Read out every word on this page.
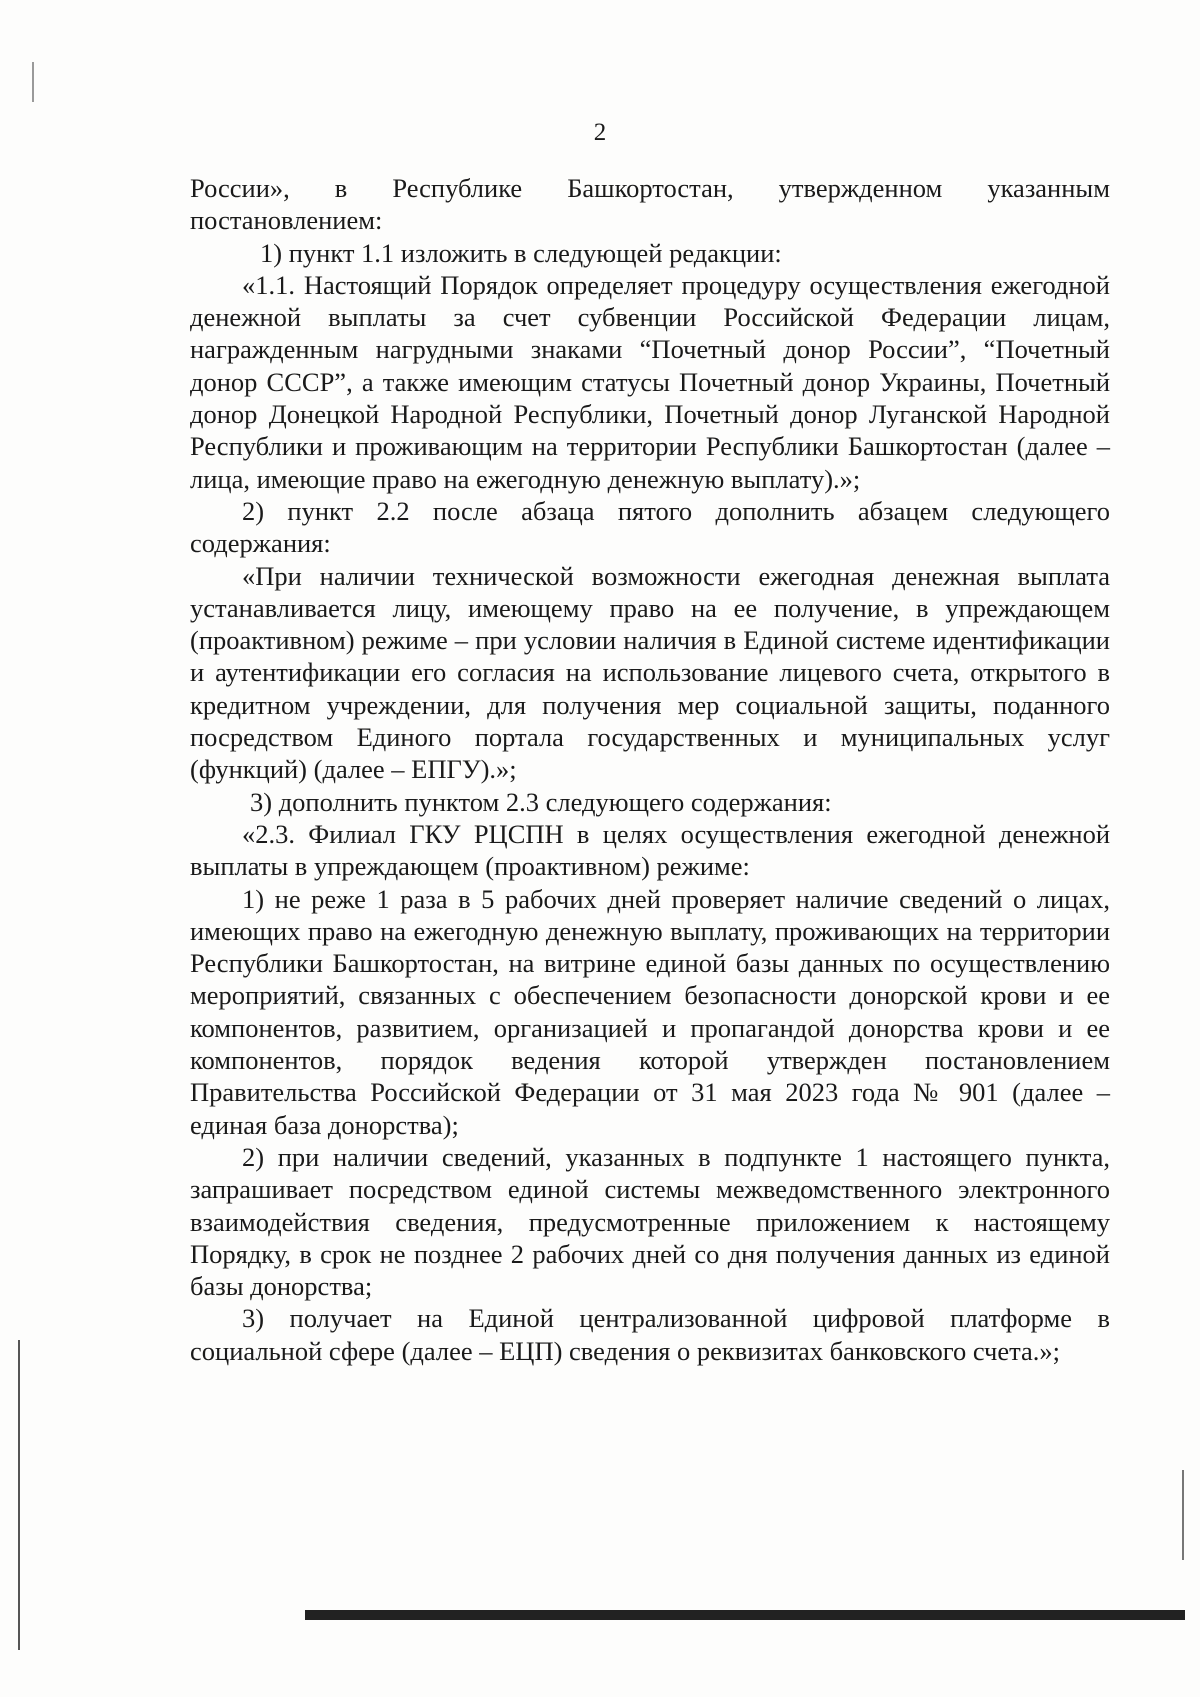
2

России», в Республике Башкортостан, утвержденном указанным постановлением:

1) пункт 1.1 изложить в следующей редакции:

«1.1. Настоящий Порядок определяет процедуру осуществления ежегодной денежной выплаты за счет субвенции Российской Федерации лицам, награжденным нагрудными знаками “Почетный донор России”, “Почетный донор СССР”, а также имеющим статусы Почетный донор Украины, Почетный донор Донецкой Народной Республики, Почетный донор Луганской Народной Республики и проживающим на территории Республики Башкортостан (далее – лица, имеющие право на ежегодную денежную выплату).»;

2) пункт 2.2 после абзаца пятого дополнить абзацем следующего содержания:

«При наличии технической возможности ежегодная денежная выплата устанавливается лицу, имеющему право на ее получение, в упреждающем (проактивном) режиме – при условии наличия в Единой системе идентификации и аутентификации его согласия на использование лицевого счета, открытого в кредитном учреждении, для получения мер социальной защиты, поданного посредством Единого портала государственных и муниципальных услуг (функций) (далее – ЕПГУ).»;

3) дополнить пунктом 2.3 следующего содержания:

«2.3. Филиал ГКУ РЦСПН в целях осуществления ежегодной денежной выплаты в упреждающем (проактивном) режиме:

1) не реже 1 раза в 5 рабочих дней проверяет наличие сведений о лицах, имеющих право на ежегодную денежную выплату, проживающих на территории Республики Башкортостан, на витрине единой базы данных по осуществлению мероприятий, связанных с обеспечением безопасности донорской крови и ее компонентов, развитием, организацией и пропагандой донорства крови и ее компонентов, порядок ведения которой утвержден постановлением Правительства Российской Федерации от 31 мая 2023 года № 901 (далее – единая база донорства);

2) при наличии сведений, указанных в подпункте 1 настоящего пункта, запрашивает посредством единой системы межведомственного электронного взаимодействия сведения, предусмотренные приложением к настоящему Порядку, в срок не позднее 2 рабочих дней со дня получения данных из единой базы донорства;

3) получает на Единой централизованной цифровой платформе в социальной сфере (далее – ЕЦП) сведения о реквизитах банковского счета.»;
